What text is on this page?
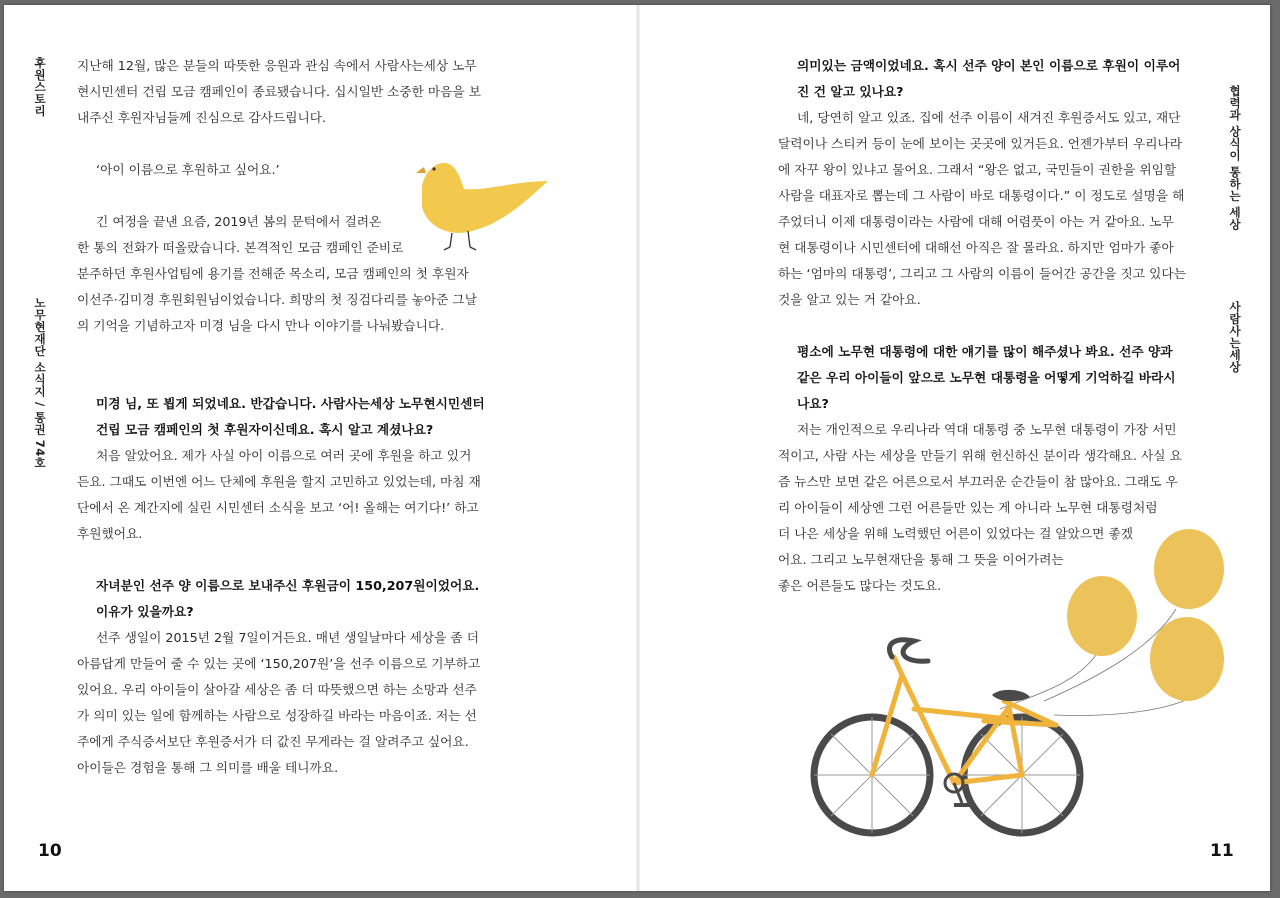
후원스토리
노무현재단 소식지 / 통권 74호
10

지난해 12월, 많은 분들의 따뜻한 응원과 관심 속에서 사람사는세상 노무

현시민센터 건립 모금 캠페인이 종료됐습니다. 십시일반 소중한 마음을 보

내주신 후원자님들께 진심으로 감사드립니다.

‘아이 이름으로 후원하고 싶어요.’

긴 여정을 끝낸 요즘, 2019년 봄의 문턱에서 걸려온

한 통의 전화가 떠올랐습니다. 본격적인 모금 캠페인 준비로

분주하던 후원사업팀에 용기를 전해준 목소리, 모금 캠페인의 첫 후원자

이선주·김미경 후원회원님이었습니다. 희망의 첫 징검다리를 놓아준 그날

의 기억을 기념하고자 미경 님을 다시 만나 이야기를 나눠봤습니다.

미경 님, 또 뵙게 되었네요. 반갑습니다. 사람사는세상 노무현시민센터

건립 모금 캠페인의 첫 후원자이신데요. 혹시 알고 계셨나요?

처음 알았어요. 제가 사실 아이 이름으로 여러 곳에 후원을 하고 있거

든요. 그때도 이번엔 어느 단체에 후원을 할지 고민하고 있었는데, 마침 재

단에서 온 계간지에 실린 시민센터 소식을 보고 ‘어! 올해는 여기다!’ 하고

후원했어요.

자녀분인 선주 양 이름으로 보내주신 후원금이 150,207원이었어요.

이유가 있을까요?

선주 생일이 2015년 2월 7일이거든요. 매년 생일날마다 세상을 좀 더

아름답게 만들어 줄 수 있는 곳에 ‘150,207원’을 선주 이름으로 기부하고

있어요. 우리 아이들이 살아갈 세상은 좀 더 따뜻했으면 하는 소망과 선주

가 의미 있는 일에 함께하는 사람으로 성장하길 바라는 마음이죠. 저는 선

주에게 주식증서보단 후원증서가 더 값진 무게라는 걸 알려주고 싶어요.

아이들은 경험을 통해 그 의미를 배울 테니까요.

협력과 상식이 통하는 세상
사람사는세상
11

의미있는 금액이었네요. 혹시 선주 양이 본인 이름으로 후원이 이루어

진 건 알고 있나요?

네, 당연히 알고 있죠. 집에 선주 이름이 새겨진 후원증서도 있고, 재단

달력이나 스티커 등이 눈에 보이는 곳곳에 있거든요. 언젠가부터 우리나라

에 자꾸 왕이 있냐고 물어요. 그래서 “왕은 없고, 국민들이 권한을 위임할

사람을 대표자로 뽑는데 그 사람이 바로 대통령이다.” 이 정도로 설명을 해

주었더니 이제 대통령이라는 사람에 대해 어렴풋이 아는 거 같아요. 노무

현 대통령이나 시민센터에 대해선 아직은 잘 몰라요. 하지만 엄마가 좋아

하는 ‘엄마의 대통령’, 그리고 그 사람의 이름이 들어간 공간을 짓고 있다는

것을 알고 있는 거 같아요.

평소에 노무현 대통령에 대한 얘기를 많이 해주셨나 봐요. 선주 양과

같은 우리 아이들이 앞으로 노무현 대통령을 어떻게 기억하길 바라시

나요?

저는 개인적으로 우리나라 역대 대통령 중 노무현 대통령이 가장 서민

적이고, 사람 사는 세상을 만들기 위해 헌신하신 분이라 생각해요. 사실 요

즘 뉴스만 보면 같은 어른으로서 부끄러운 순간들이 참 많아요. 그래도 우

리 아이들이 세상엔 그런 어른들만 있는 게 아니라 노무현 대통령처럼

더 나은 세상을 위해 노력했던 어른이 있었다는 걸 알았으면 좋겠

어요. 그리고 노무현재단을 통해 그 뜻을 이어가려는

좋은 어른들도 많다는 것도요.
